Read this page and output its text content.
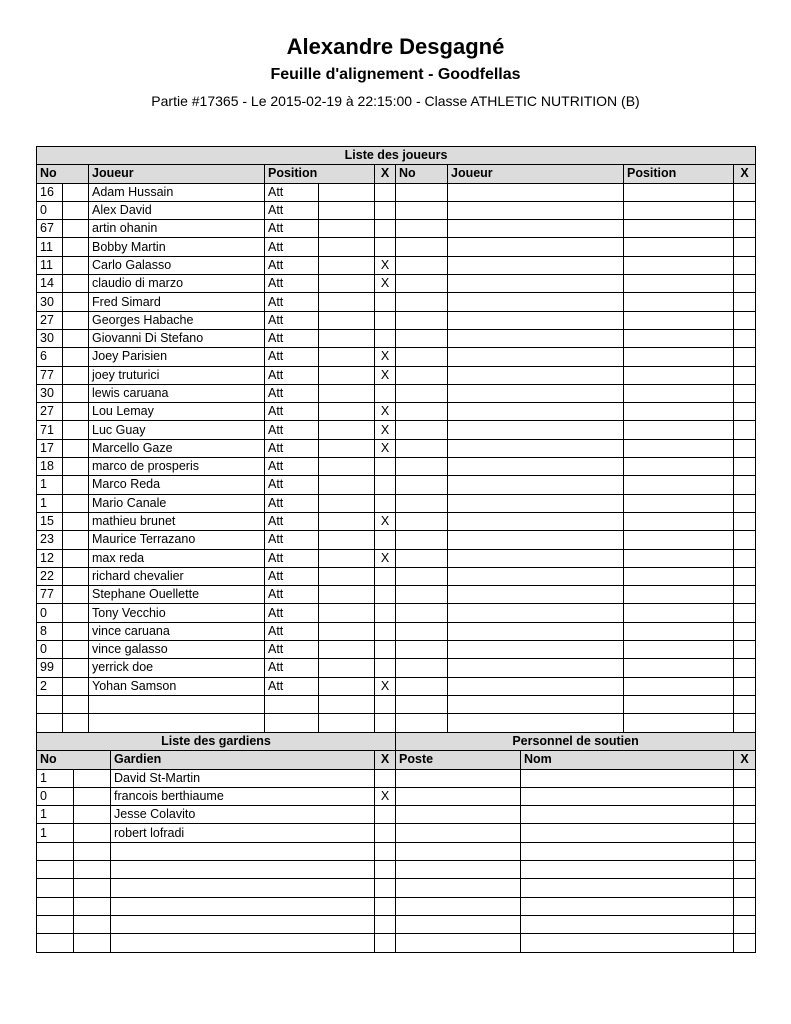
Alexandre Desgagné
Feuille d'alignement - Goodfellas
Partie #17365 - Le 2015-02-19 à 22:15:00 - Classe ATHLETIC NUTRITION (B)
Liste des joueurs									
No		Joueur	Position		X	No	Joueur	Position	X
16		Adam Hussain	Att						
0		Alex David	Att						
67		artin ohanin	Att						
11		Bobby Martin	Att						
11		Carlo Galasso	Att		X				
14		claudio di marzo	Att		X				
30		Fred Simard	Att						
27		Georges Habache	Att						
30		Giovanni Di Stefano	Att						
6		Joey Parisien	Att		X				
77		joey truturici	Att		X				
30		lewis caruana	Att						
27		Lou Lemay	Att		X				
71		Luc Guay	Att		X				
17		Marcello Gaze	Att		X				
18		marco de prosperis	Att						
1		Marco Reda	Att						
1		Mario Canale	Att						
15		mathieu brunet	Att		X				
23		Maurice Terrazano	Att						
12		max reda	Att		X				
22		richard chevalier	Att						
77		Stephane Ouellette	Att						
0		Tony Vecchio	Att						
8		vince caruana	Att						
0		vince galasso	Att						
99		yerrick doe	Att						
2		Yohan Samson	Att		X				

Liste des gardiens				Personnel de soutien		
No		Gardien	X	Poste	Nom	X
1		David St-Martin				
0		francois berthiaume	X			
1		Jesse Colavito				
1		robert lofradi				
